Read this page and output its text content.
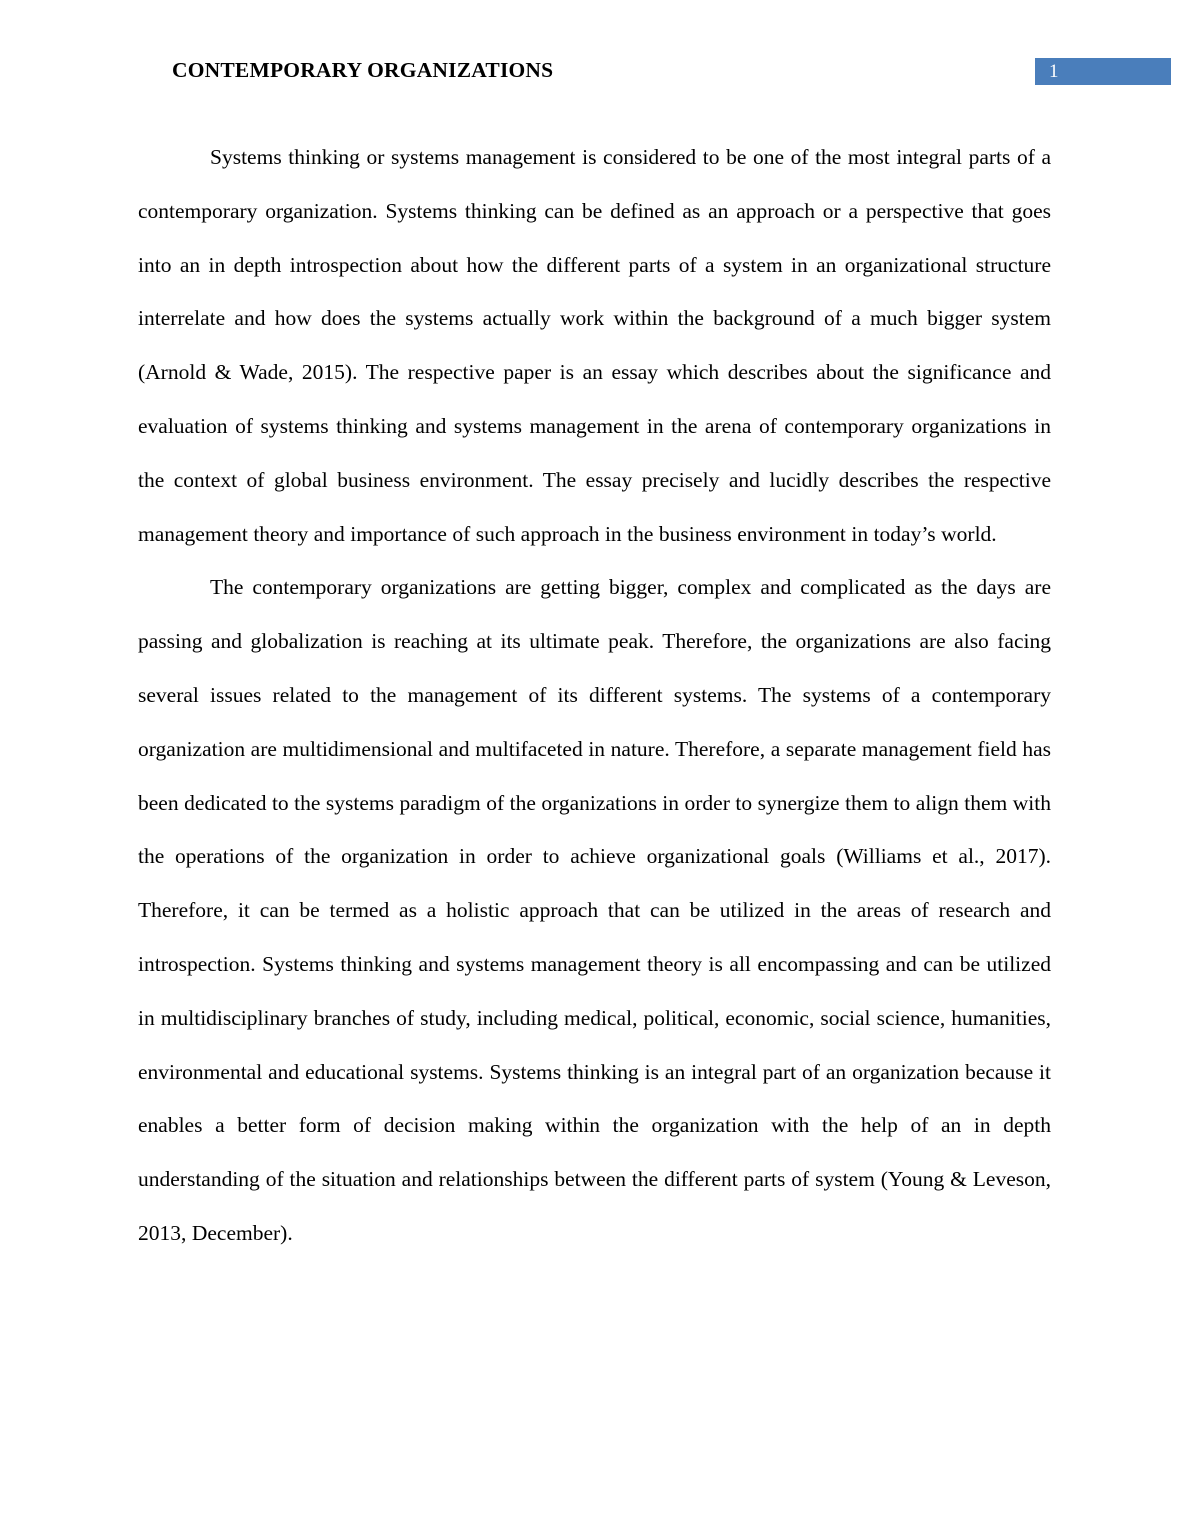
CONTEMPORARY ORGANIZATIONS	1

Systems thinking or systems management is considered to be one of the most integral parts of a contemporary organization. Systems thinking can be defined as an approach or a perspective that goes into an in depth introspection about how the different parts of a system in an organizational structure interrelate and how does the systems actually work within the background of a much bigger system (Arnold & Wade, 2015). The respective paper is an essay which describes about the significance and evaluation of systems thinking and systems management in the arena of contemporary organizations in the context of global business environment. The essay precisely and lucidly describes the respective management theory and importance of such approach in the business environment in today’s world.

The contemporary organizations are getting bigger, complex and complicated as the days are passing and globalization is reaching at its ultimate peak. Therefore, the organizations are also facing several issues related to the management of its different systems. The systems of a contemporary organization are multidimensional and multifaceted in nature. Therefore, a separate management field has been dedicated to the systems paradigm of the organizations in order to synergize them to align them with the operations of the organization in order to achieve organizational goals (Williams et al., 2017). Therefore, it can be termed as a holistic approach that can be utilized in the areas of research and introspection. Systems thinking and systems management theory is all encompassing and can be utilized in multidisciplinary branches of study, including medical, political, economic, social science, humanities, environmental and educational systems. Systems thinking is an integral part of an organization because it enables a better form of decision making within the organization with the help of an in depth understanding of the situation and relationships between the different parts of system (Young & Leveson, 2013, December).
